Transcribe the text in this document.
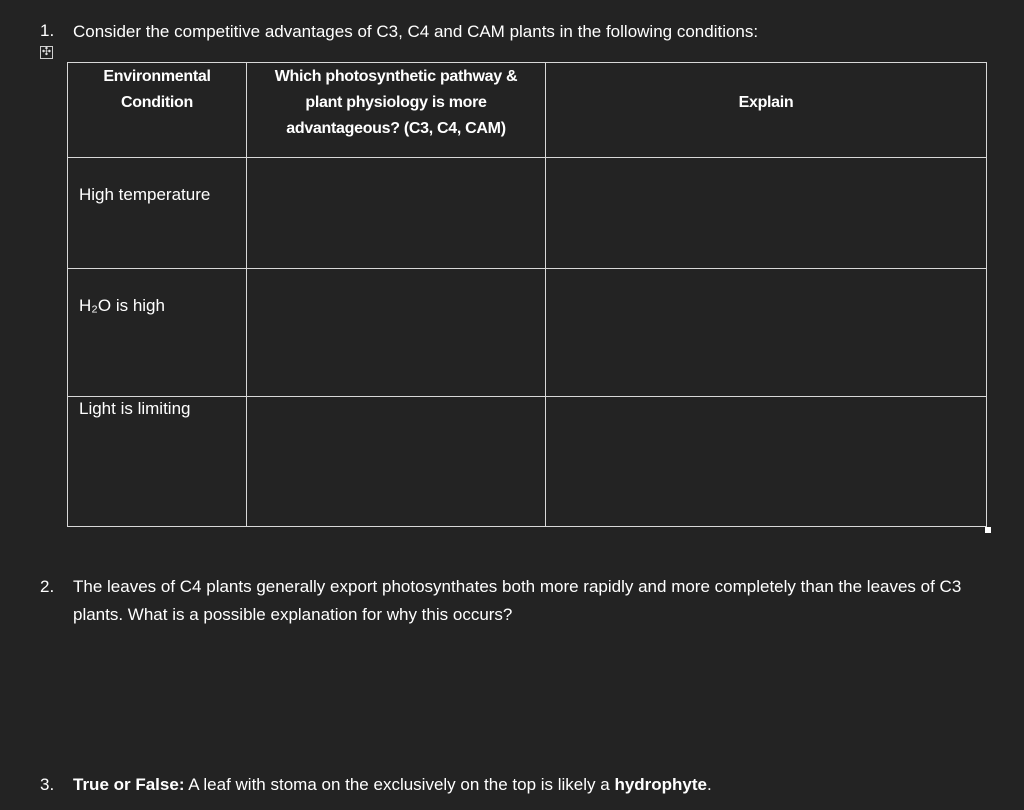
1. Consider the competitive advantages of C3, C4 and CAM plants in the following conditions:
✣
Environmental Condition	Which photosynthetic pathway & plant physiology is more advantageous? (C3, C4, CAM)	Explain

High temperature		

H₂O is high		

Light is limiting		

2. The leaves of C4 plants generally export photosynthates both more rapidly and more completely than the leaves of C3 plants. What is a possible explanation for why this occurs?
3. True or False: A leaf with stoma on the exclusively on the top is likely a hydrophyte.
